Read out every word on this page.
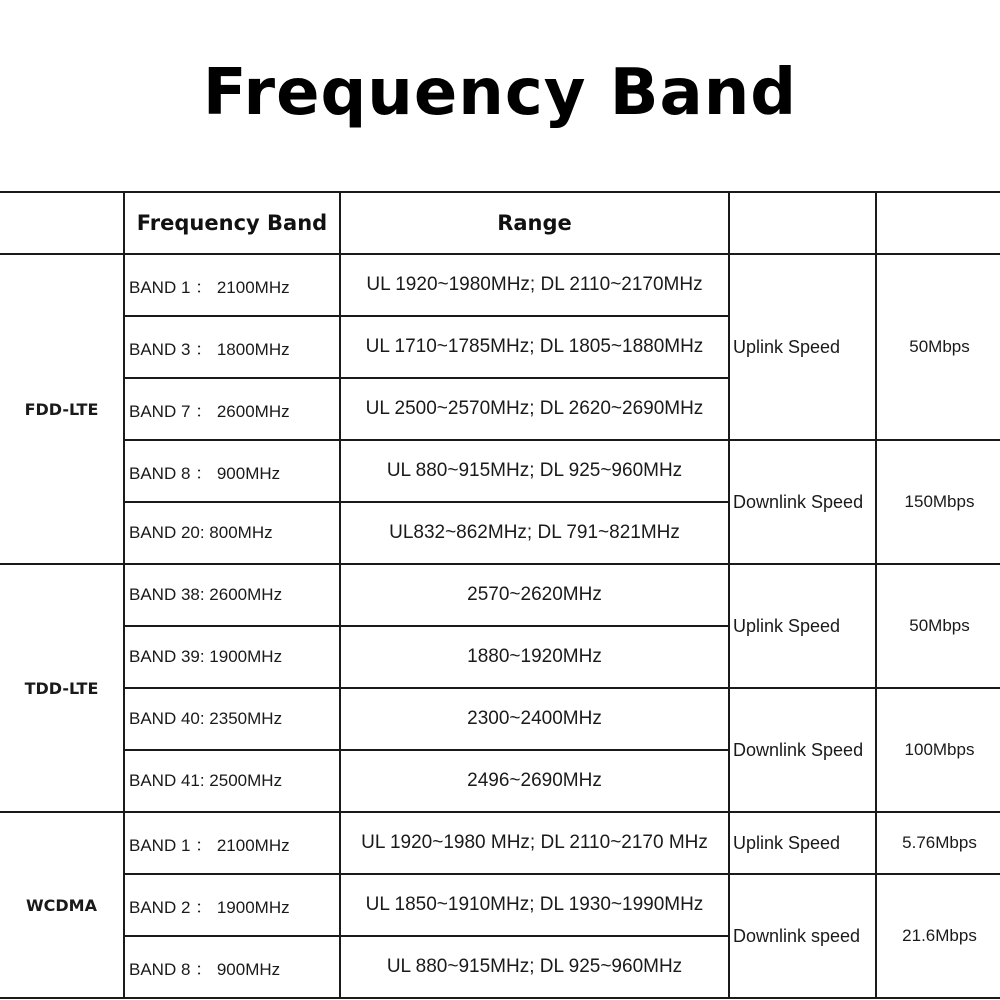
Frequency Band
	Frequency Band	Range		
FDD-LTE	BAND 1 ： 2100MHz	UL 1920~1980MHz; DL 2110~2170MHz	Uplink Speed	50Mbps
	BAND 3 ： 1800MHz	UL 1710~1785MHz; DL 1805~1880MHz		
	BAND 7 ： 2600MHz	UL 2500~2570MHz; DL 2620~2690MHz		
	BAND 8 ： 900MHz	UL 880~915MHz; DL 925~960MHz	Downlink Speed	150Mbps
	BAND 20: 800MHz	UL832~862MHz; DL 791~821MHz		
TDD-LTE	BAND 38: 2600MHz	2570~2620MHz	Uplink Speed	50Mbps
	BAND 39: 1900MHz	1880~1920MHz		
	BAND 40: 2350MHz	2300~2400MHz	Downlink Speed	100Mbps
	BAND 41: 2500MHz	2496~2690MHz		
WCDMA	BAND 1 ： 2100MHz	UL 1920~1980 MHz; DL 2110~2170 MHz	Uplink Speed	5.76Mbps
	BAND 2 ： 1900MHz	UL 1850~1910MHz; DL 1930~1990MHz	Downlink speed	21.6Mbps
	BAND 8 ： 900MHz	UL 880~915MHz; DL 925~960MHz		
